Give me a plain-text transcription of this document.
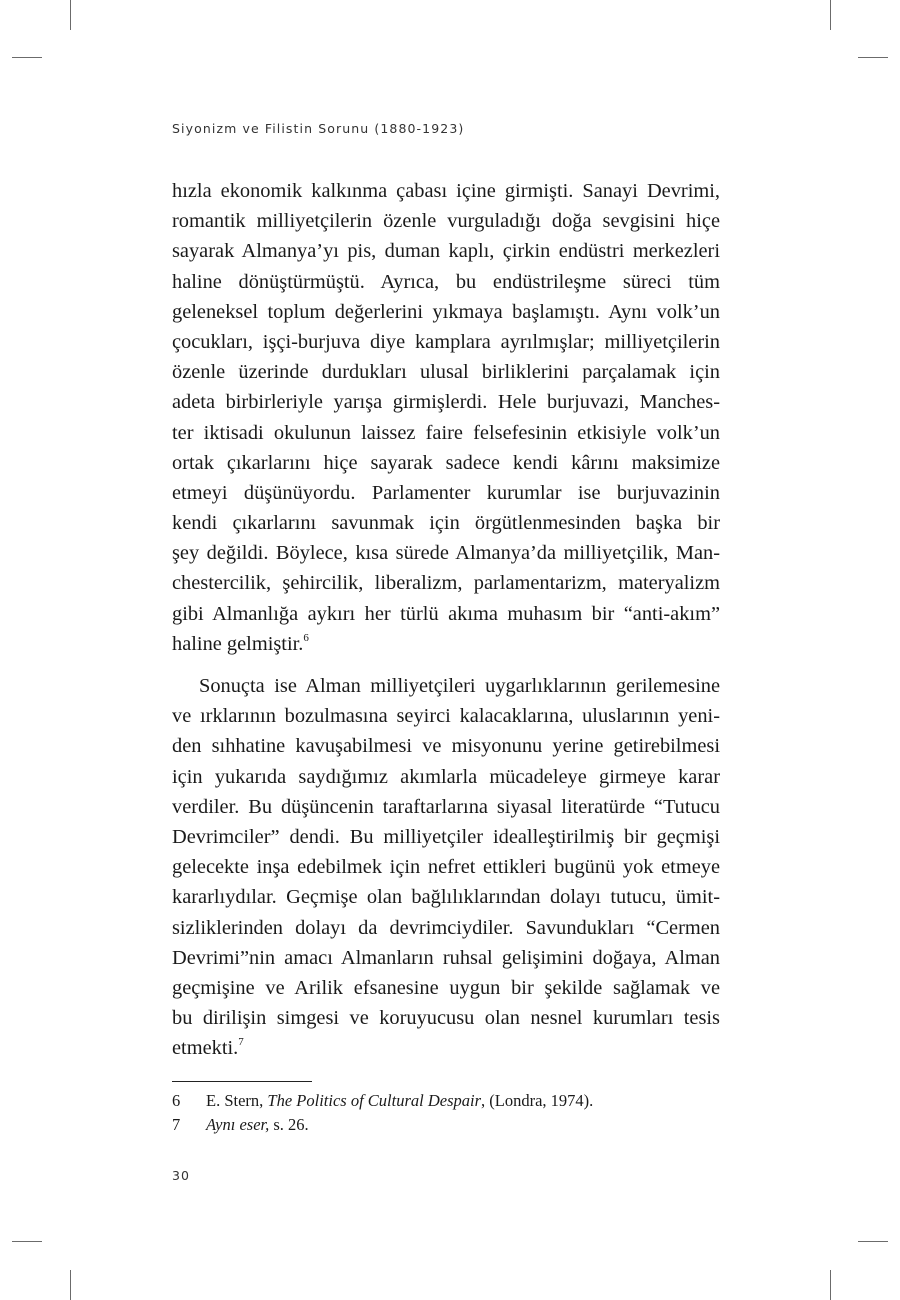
Siyonizm ve Filistin Sorunu (1880-1923)
hızla ekonomik kalkınma çabası içine girmişti. Sanayi Devrimi,
romantik milliyetçilerin özenle vurguladığı doğa sevgisini hiçe
sayarak Almanya’yı pis, duman kaplı, çirkin endüstri merkezleri
haline dönüştürmüştü. Ayrıca, bu endüstrileşme süreci tüm
geleneksel toplum değerlerini yıkmaya başlamıştı. Aynı volk’un
çocukları, işçi-burjuva diye kamplara ayrılmışlar; milliyetçilerin
özenle üzerinde durdukları ulusal birliklerini parçalamak için
adeta birbirleriyle yarışa girmişlerdi. Hele burjuvazi, Manches-
ter iktisadi okulunun laissez faire felsefesinin etkisiyle volk’un
ortak çıkarlarını hiçe sayarak sadece kendi kârını maksimize
etmeyi düşünüyordu. Parlamenter kurumlar ise burjuvazinin
kendi çıkarlarını savunmak için örgütlenmesinden başka bir
şey değildi. Böylece, kısa sürede Almanya’da milliyetçilik, Man-
chestercilik, şehircilik, liberalizm, parlamentarizm, materyalizm
gibi Almanlığa aykırı her türlü akıma muhasım bir “anti-akım”
haline gelmiştir.$^6$
Sonuçta ise Alman milliyetçileri uygarlıklarının gerilemesine
ve ırklarının bozulmasına seyirci kalacaklarına, uluslarının yeni-
den sıhhatine kavuşabilmesi ve misyonunu yerine getirebilmesi
için yukarıda saydığımız akımlarla mücadeleye girmeye karar
verdiler. Bu düşüncenin taraftarlarına siyasal literatürde “Tutucu
Devrimciler” dendi. Bu milliyetçiler idealleştirilmiş bir geçmişi
gelecekte inşa edebilmek için nefret ettikleri bugünü yok etmeye
kararlıydılar. Geçmişe olan bağlılıklarından dolayı tutucu, ümit-
sizliklerinden dolayı da devrimciydiler. Savundukları “Cermen
Devrimi”nin amacı Almanların ruhsal gelişimini doğaya, Alman
geçmişine ve Arilik efsanesine uygun bir şekilde sağlamak ve
bu dirilişin simgesi ve koruyucusu olan nesnel kurumları tesis
etmekti.$^7$
6	E. Stern, The Politics of Cultural Despair, (Londra, 1974).
7	Aynı eser, s. 26.
30
